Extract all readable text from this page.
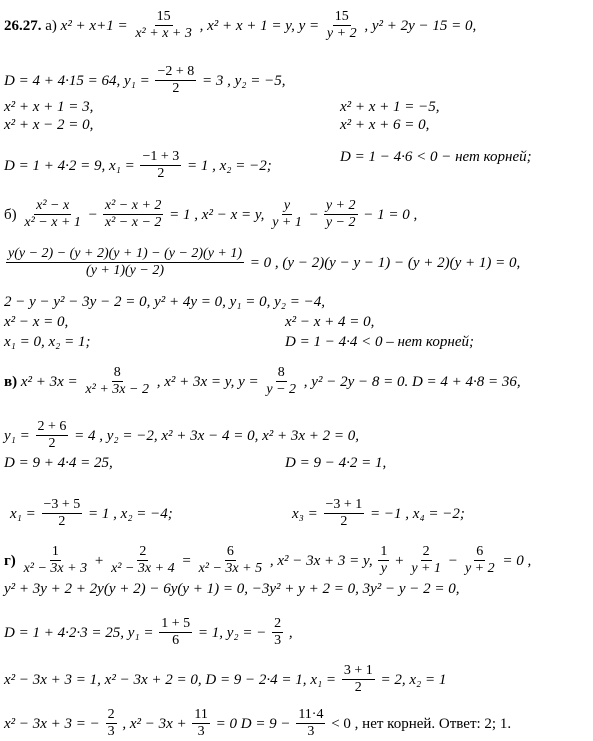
26.27. а) $x^2 + x+1 = \frac{15}{\text{x² + x + 3}}$ , x² + x + 1 = y, $y = \frac{15}{y + 2}$ , y² + 2y − 15 = 0,
D = 4 + 4·15 = 64, $y_1 = \frac{-2 + 8}{2} = 3$ , y₂ = −5,
x² + x + 1 = 3,
x² + x − 2 = 0,
x² + x + 1 = −5,
x² + x + 6 = 0,
D = 1 + 4·2 = 9, $x_1 = \frac{-1 + 3}{2} = 1$ , x₂ = −2;
D = 1 − 4·6 < 0 − нет корней;
$б) \frac{\text{x² − x}}{\text{x² − x + 1}} - \frac{\text{x² − x + 2}}{\text{x² − x − 2}} = 1$ , x² − x = y, $\frac{y}{y + 1} - \frac{y + 2}{y - 2} - 1 = 0$ ,
$\frac{y(y - 2) - (y + 2)(y + 1) - (y - 2)(y + 1)}{(y + 1)(y - 2)} = 0$ , (y − 2)(y − y − 1) − (y + 2)(y + 1) = 0,
2 − y − y² − 3y − 2 = 0, y² + 4y = 0, y₁ = 0, y₂ = −4,
x² − x = 0,
x₁ = 0, x₂ = 1;
x² − x + 4 = 0,
D = 1 − 4·4 < 0 – нет корней;
в) $x^2 + 3x = \frac{8}{\text{x² + 3x − 2}}$ , x² + 3x = y, $y = \frac{8}{y - 2}$ , y² − 2y − 8 = 0. D = 4 + 4·8 = 36,
$y_1 = \frac{2 + 6}{2} = 4$ , y₂ = −2, x² + 3x − 4 = 0, x² + 3x + 2 = 0,
D = 9 + 4·4 = 25,	D = 9 − 4·2 = 1,
$x_1 = \frac{-3 + 5}{2} = 1$ , x₂ = −4;	$x_3 = \frac{-3 + 1}{2} = -1$ , x₄ = −2;
$г) \frac{1}{\text{x² − 3x + 3}} + \frac{2}{\text{x² − 3x + 4}} = \frac{6}{\text{x² − 3x + 5}}$ , x² − 3x + 3 = y, $\frac{1}{y} + \frac{2}{y + 1} - \frac{6}{y + 2} = 0$ ,
y² + 3y + 2 + 2y(y + 2) − 6y(y + 1) = 0, −3y² + y + 2 = 0, 3y² − y − 2 = 0,
D = 1 + 4·2·3 = 25, $y_1 = \frac{1 + 5}{6} = 1$, y₂ = − $\frac{2}{3}$ ,
x² − 3x + 3 = 1, x² − 3x + 2 = 0, D = 9 − 2·4 = 1, $x_1 = \frac{3 + 1}{2} = 2$, x₂ = 1
x² − 3x + 3 = − $\frac{2}{3}$ , $x^2 - 3x + \frac{11}{3} = 0$ $D = 9 - \frac{11\cdot 4}{3} < 0$ , нет корней. Ответ: 2; 1.
